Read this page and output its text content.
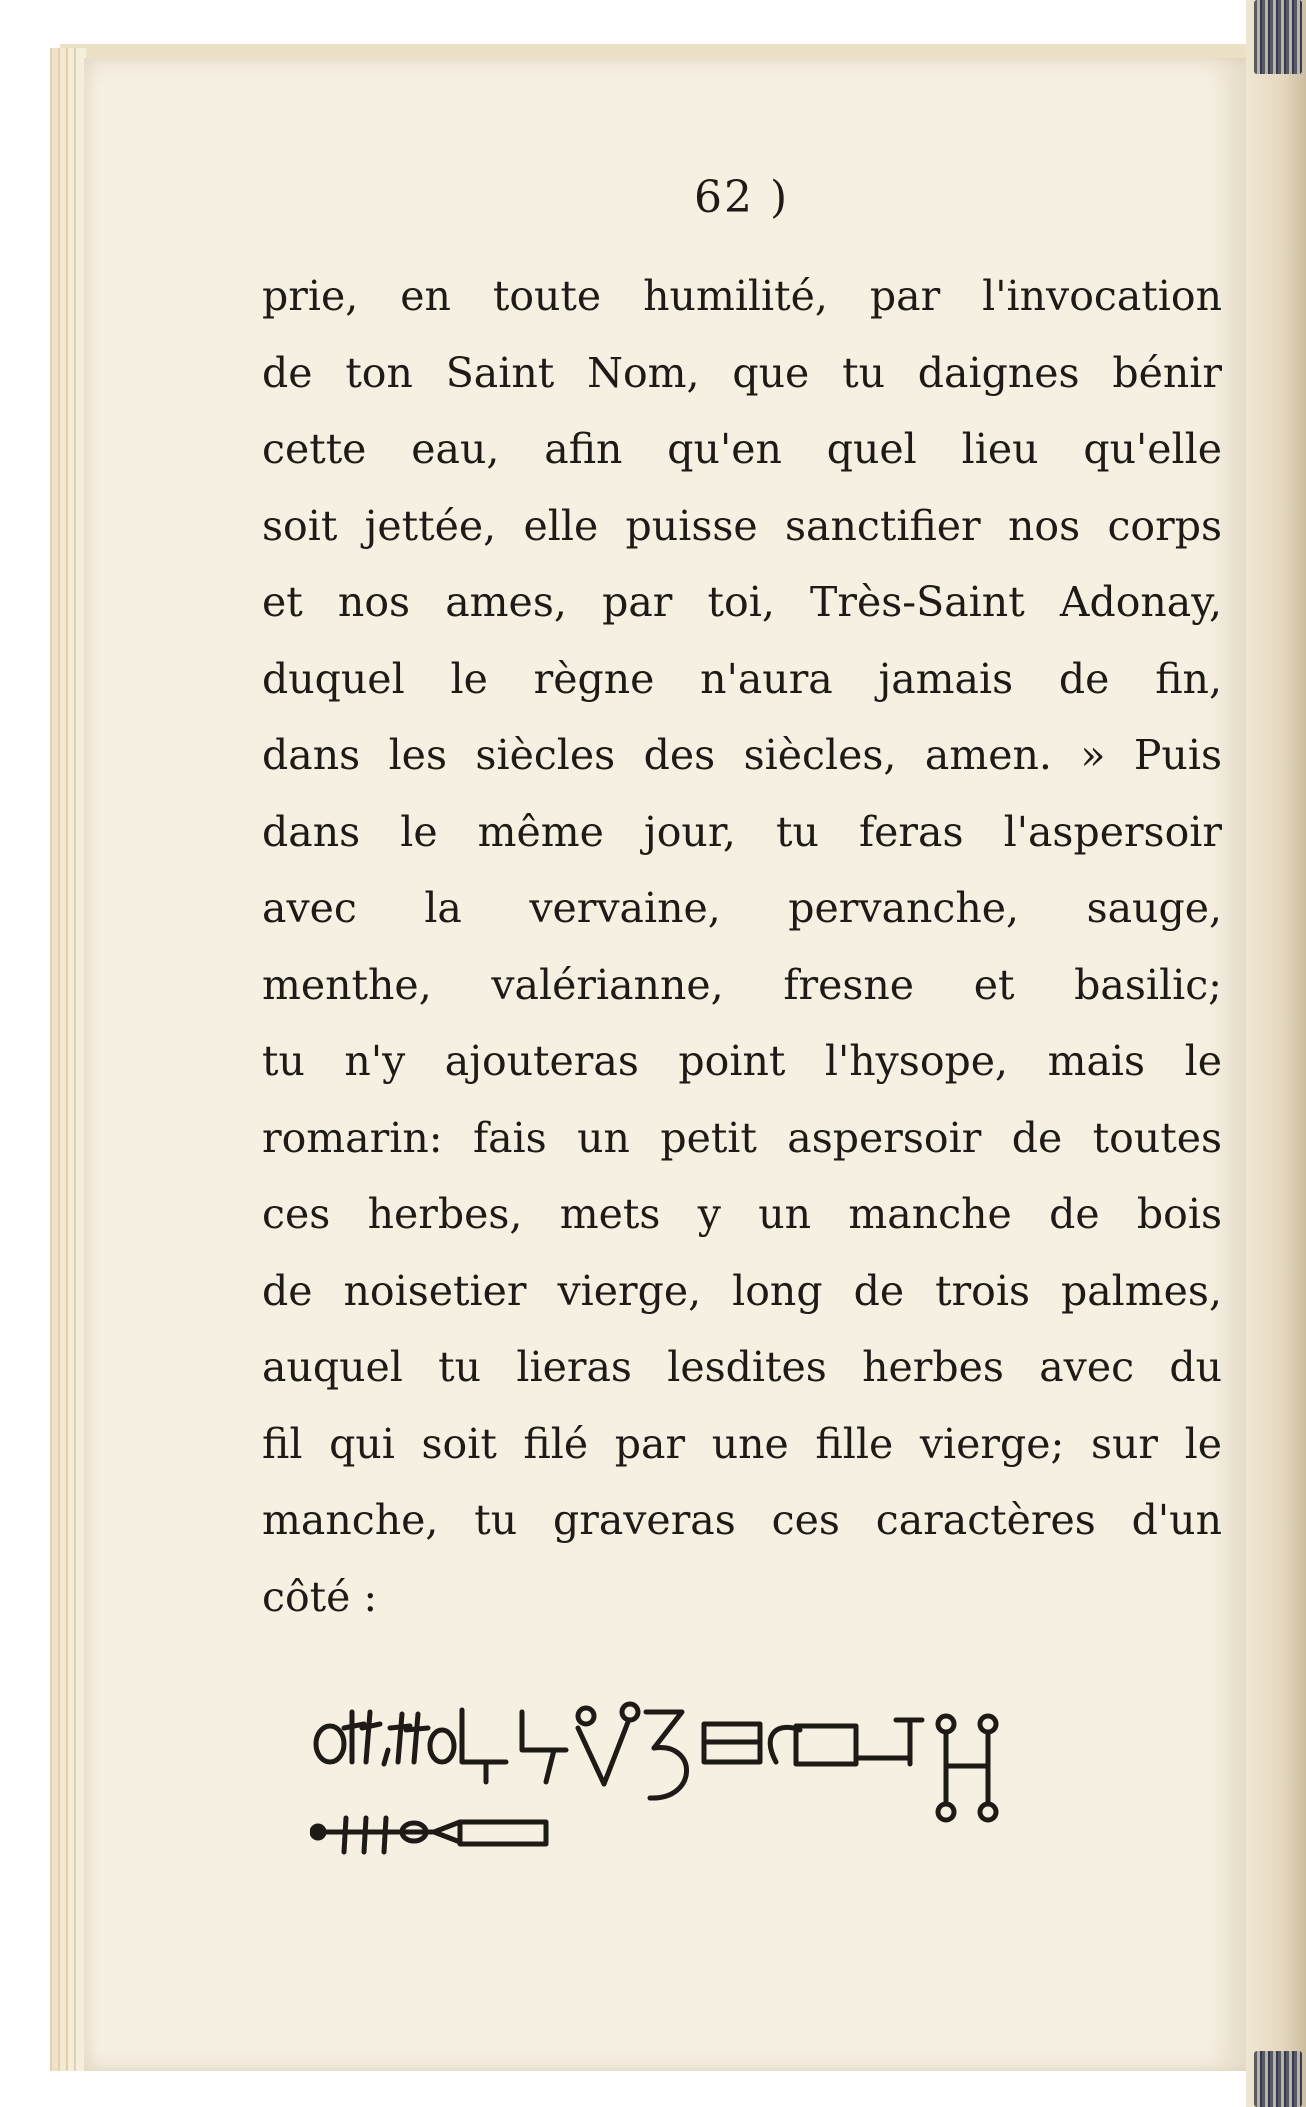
62 )
prie, en toute humilité, par l'invocation
de ton Saint Nom, que tu daignes bénir
cette eau, afin qu'en quel lieu qu'elle
soit jettée, elle puisse sanctifier nos corps
et nos ames, par toi, Très-Saint Adonay,
duquel le règne n'aura jamais de fin,
dans les siècles des siècles, amen. » Puis
dans le même jour, tu feras l'aspersoir
avec la vervaine, pervanche, sauge,
menthe, valérianne, fresne et basilic;
tu n'y ajouteras point l'hysope, mais le
romarin: fais un petit aspersoir de toutes
ces herbes, mets y un manche de bois
de noisetier vierge, long de trois palmes,
auquel tu lieras lesdites herbes avec du
fil qui soit filé par une fille vierge; sur le
manche, tu graveras ces caractères d'un
côté :
